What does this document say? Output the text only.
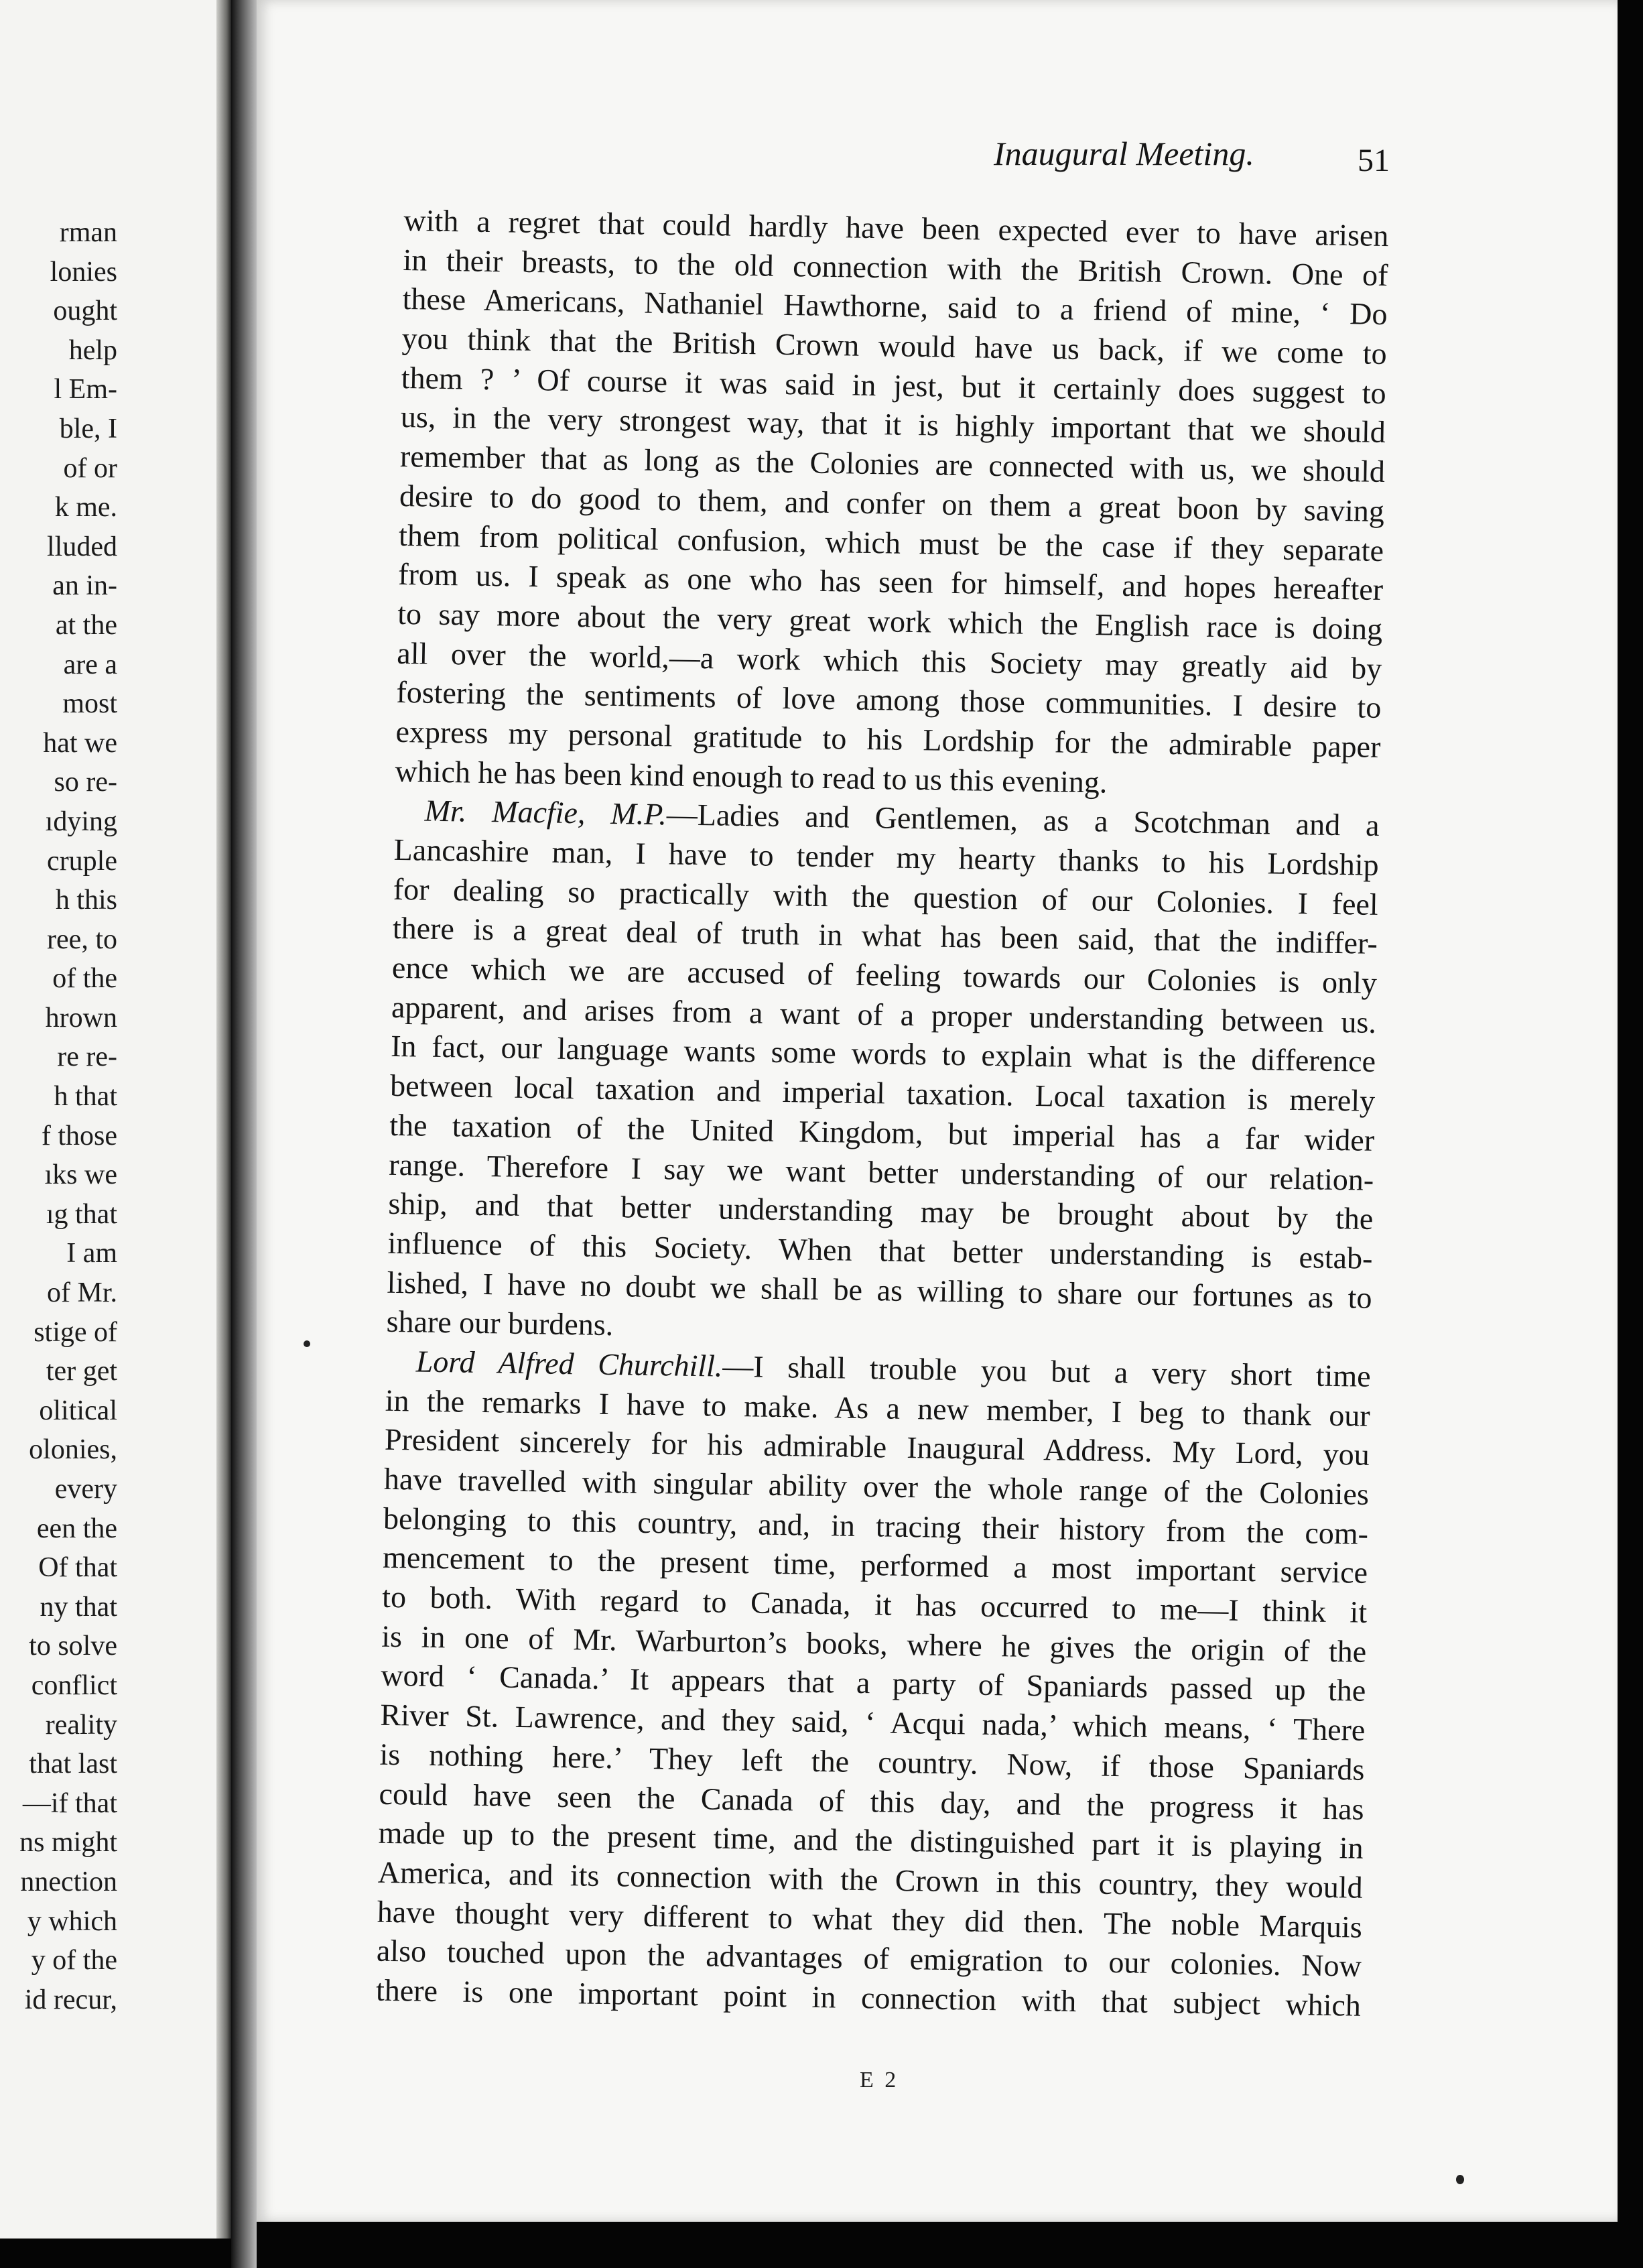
rman
lonies
ought
help
l Em-
ble, I
of or
k me.
lluded
an in-
at the
are a
most
hat we
so re-
ıdying
cruple
h this
ree, to
of the
hrown
re re-
h that
f those
ıks we
ıg that
I am
of Mr.
stige of
ter get
olitical
olonies,
every
een the
Of that
ny that
to solve
conflict
reality
that last
—if that
ns might
nnection
y which
y of the
id recur,
Inaugural Meeting.	51
with a regret that could hardly have been expected ever to have arisen
in their breasts, to the old connection with the British Crown. One of
these Americans, Nathaniel Hawthorne, said to a friend of mine, ‘ Do
you think that the British Crown would have us back, if we come to
them ? ’ Of course it was said in jest, but it certainly does suggest to
us, in the very strongest way, that it is highly important that we should
remember that as long as the Colonies are connected with us, we should
desire to do good to them, and confer on them a great boon by saving
them from political confusion, which must be the case if they separate
from us. I speak as one who has seen for himself, and hopes hereafter
to say more about the very great work which the English race is doing
all over the world,—a work which this Society may greatly aid by
fostering the sentiments of love among those communities. I desire to
express my personal gratitude to his Lordship for the admirable paper
which he has been kind enough to read to us this evening.
Mr. Macfie, M.P.—Ladies and Gentlemen, as a Scotchman and a
Lancashire man, I have to tender my hearty thanks to his Lordship
for dealing so practically with the question of our Colonies. I feel
there is a great deal of truth in what has been said, that the indiffer-
ence which we are accused of feeling towards our Colonies is only
apparent, and arises from a want of a proper understanding between us.
In fact, our language wants some words to explain what is the difference
between local taxation and imperial taxation. Local taxation is merely
the taxation of the United Kingdom, but imperial has a far wider
range. Therefore I say we want better understanding of our relation-
ship, and that better understanding may be brought about by the
influence of this Society. When that better understanding is estab-
lished, I have no doubt we shall be as willing to share our fortunes as to
share our burdens.
Lord Alfred Churchill.—I shall trouble you but a very short time
in the remarks I have to make. As a new member, I beg to thank our
President sincerely for his admirable Inaugural Address. My Lord, you
have travelled with singular ability over the whole range of the Colonies
belonging to this country, and, in tracing their history from the com-
mencement to the present time, performed a most important service
to both. With regard to Canada, it has occurred to me—I think it
is in one of Mr. Warburton’s books, where he gives the origin of the
word ‘ Canada.’ It appears that a party of Spaniards passed up the
River St. Lawrence, and they said, ‘ Acqui nada,’ which means, ‘ There
is nothing here.’ They left the country. Now, if those Spaniards
could have seen the Canada of this day, and the progress it has
made up to the present time, and the distinguished part it is playing in
America, and its connection with the Crown in this country, they would
have thought very different to what they did then. The noble Marquis
also touched upon the advantages of emigration to our colonies. Now
there is one important point in connection with that subject which
E 2
